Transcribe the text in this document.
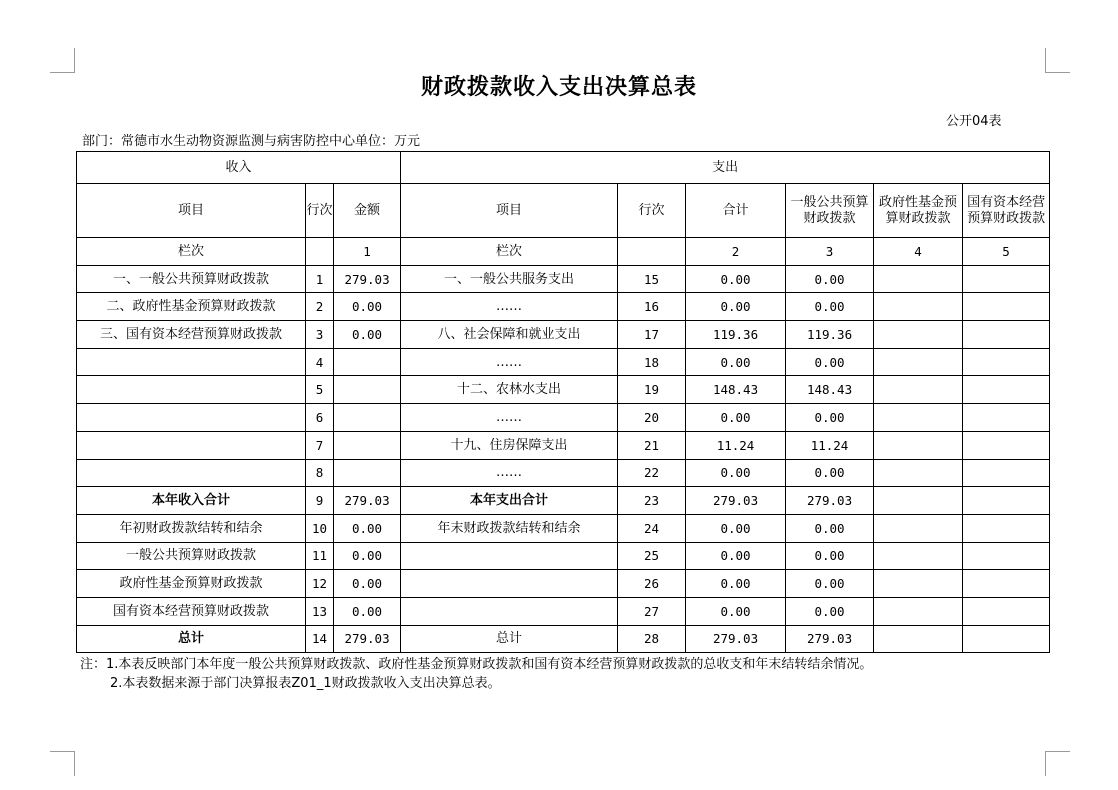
财政拨款收入支出决算总表
公开04表
部门：常德市水生动物资源监测与病害防控中心单位：万元
收入			支出					
项目	行次	金额	项目	行次	合计	一般公共预算财政拨款	政府性基金预算财政拨款	国有资本经营预算财政拨款
栏次		1	栏次		2	3	4	5
一、一般公共预算财政拨款	1	279.03	一、一般公共服务支出	15	0.00	0.00		
二、政府性基金预算财政拨款	2	0.00	……	16	0.00	0.00		
三、国有资本经营预算财政拨款	3	0.00	八、社会保障和就业支出	17	119.36	119.36		
	4		……	18	0.00	0.00		
	5		十二、农林水支出	19	148.43	148.43		
	6		……	20	0.00	0.00		
	7		十九、住房保障支出	21	11.24	11.24		
	8		……	22	0.00	0.00		
本年收入合计	9	279.03	本年支出合计	23	279.03	279.03		
年初财政拨款结转和结余	10	0.00	年末财政拨款结转和结余	24	0.00	0.00		
一般公共预算财政拨款	11	0.00		25	0.00	0.00		
政府性基金预算财政拨款	12	0.00		26	0.00	0.00		
国有资本经营预算财政拨款	13	0.00		27	0.00	0.00		
总计	14	279.03	总计	28	279.03	279.03		
注：1.本表反映部门本年度一般公共预算财政拨款、政府性基金预算财政拨款和国有资本经营预算财政拨款的总收支和年末结转结余情况。
2.本表数据来源于部门决算报表Z01_1财政拨款收入支出决算总表。
